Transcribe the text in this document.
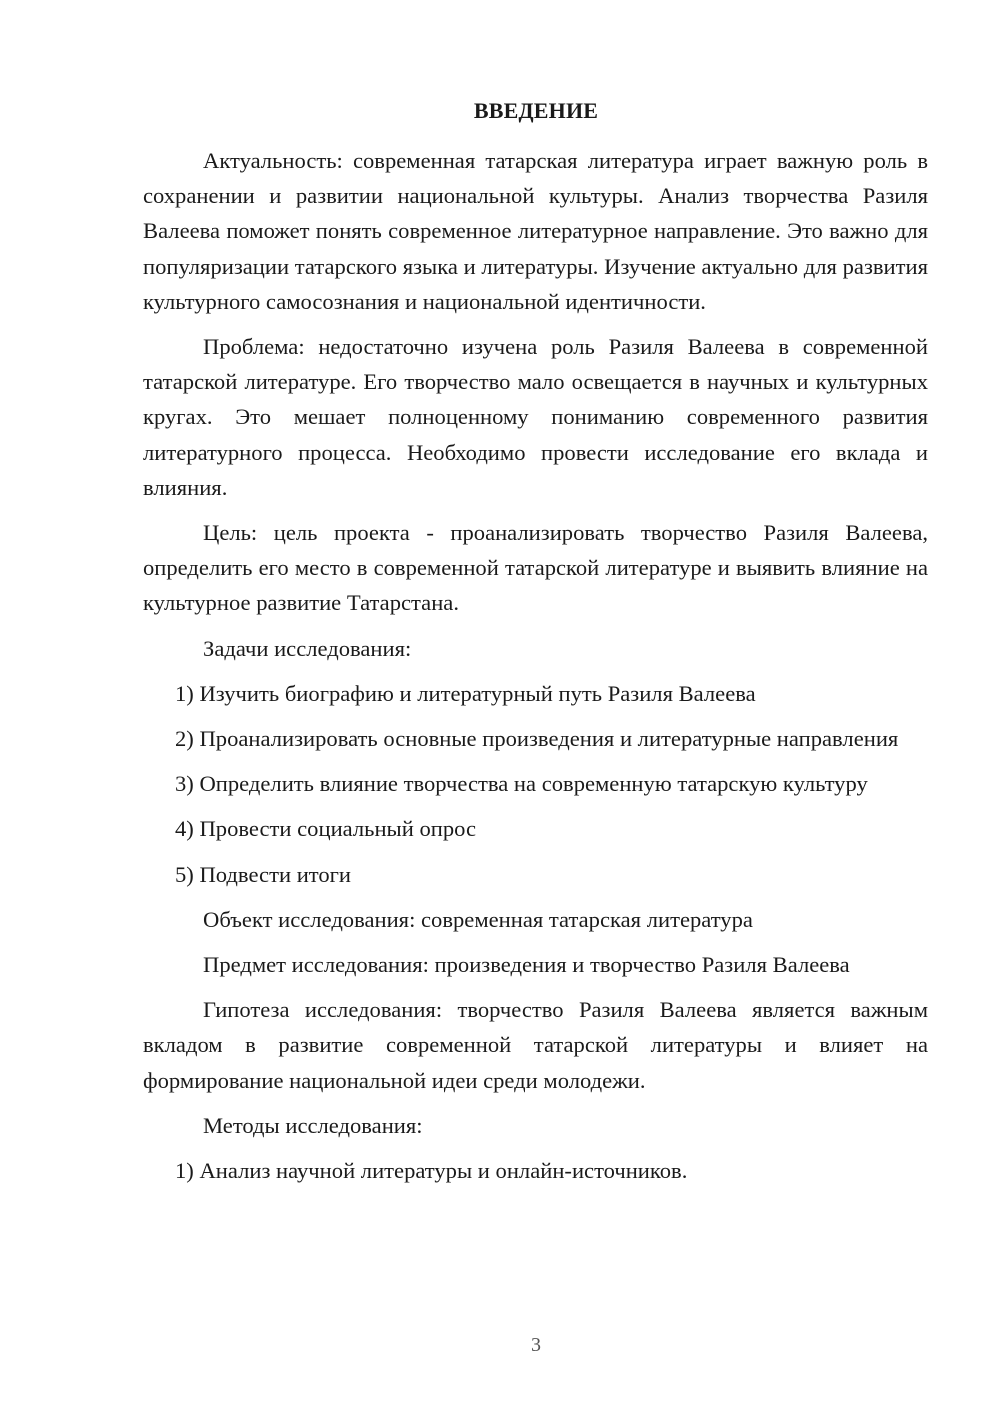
ВВЕДЕНИЕ

Актуальность: современная татарская литература играет важную роль в сохранении и развитии национальной культуры. Анализ творчества Разиля Валеева поможет понять современное литературное направление. Это важно для популяризации татарского языка и литературы. Изучение актуально для развития культурного самосознания и национальной идентичности.

Проблема: недостаточно изучена роль Разиля Валеева в современной татарской литературе. Его творчество мало освещается в научных и культурных кругах. Это мешает полноценному пониманию современного развития литературного процесса. Необходимо провести исследование его вклада и влияния.

Цель: цель проекта - проанализировать творчество Разиля Валеева, определить его место в современной татарской литературе и выявить влияние на культурное развитие Татарстана.

Задачи исследования:

1) Изучить биографию и литературный путь Разиля Валеева

2) Проанализировать основные произведения и литературные направления

3) Определить влияние творчества на современную татарскую культуру

4) Провести социальный опрос

5) Подвести итоги

Объект исследования: современная татарская литература

Предмет исследования: произведения и творчество Разиля Валеева

Гипотеза исследования: творчество Разиля Валеева является важным вкладом в развитие современной татарской литературы и влияет на формирование национальной идеи среди молодежи.

Методы исследования:

1) Анализ научной литературы и онлайн-источников.

3
